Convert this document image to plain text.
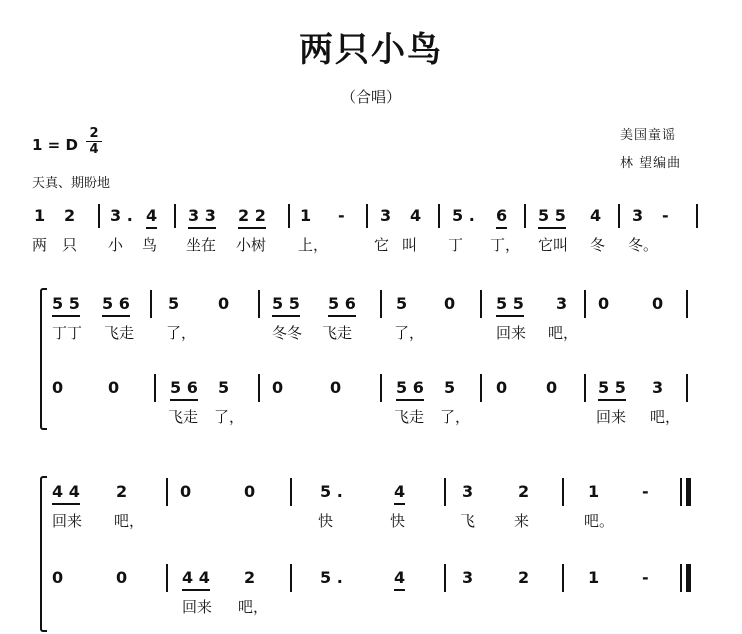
两只小鸟
（合唱）
1 = D
2
4
天真、期盼地
美国童谣
林 望编曲
1 2 3 . 4 3 3 2 2 1 - 3 4 5 . 6 5 5 4 3 -
两 只 小 鸟 坐在 小树 上，	它 叫 丁 丁， 它叫 冬 冬。
5 5 5 6 5 0	5 5 5 6	5 0	5 5 3 0	0
丁丁 飞走 了，	冬冬 飞走	了，	回来 吧，
0	0	5 6 5	0	0	5 6 5	0 0	5 5 3
飞走 了，	飞走 了，	回来 吧，
4 4 2	0	0	5 .	4	3	2	1	-
回来 吧，	快	快	飞	来	吧。
0	0	4 4 2	5 .	4	3	2	1	-
回来 吧，
